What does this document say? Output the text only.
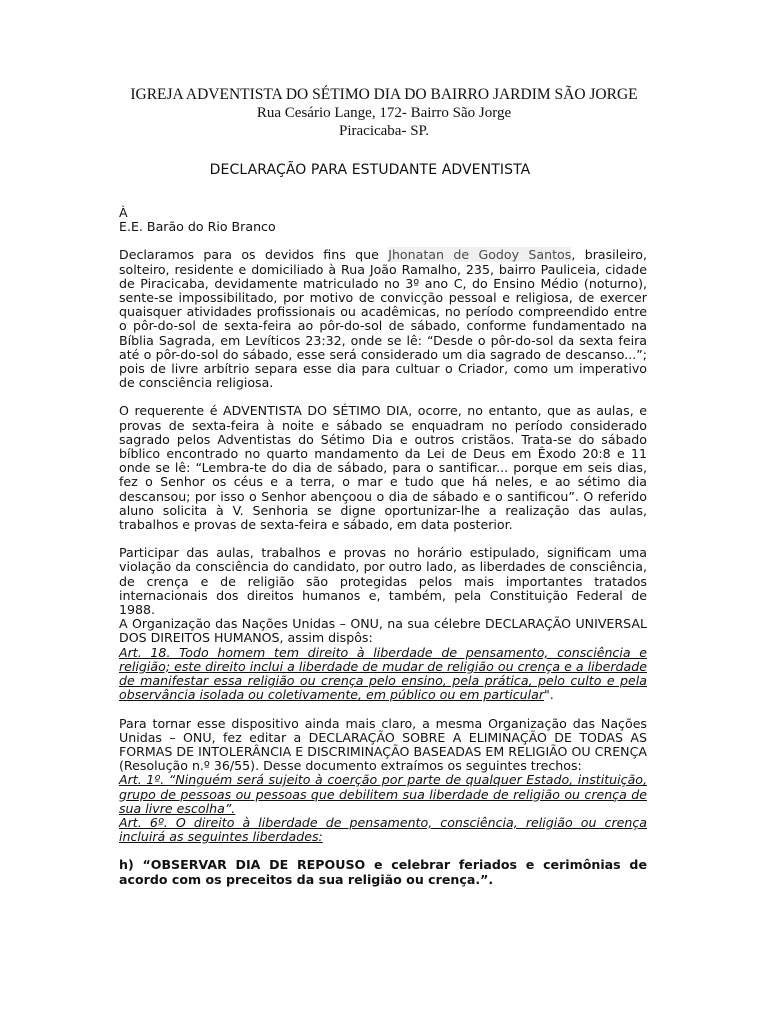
IGREJA ADVENTISTA DO SÉTIMO DIA DO BAIRRO JARDIM SÃO JORGE
Rua Cesário Lange, 172- Bairro São Jorge
Piracicaba- SP.
DECLARAÇÃO PARA ESTUDANTE ADVENTISTA

À

E.E. Barão do Rio Branco

Declaramos para os devidos fins que Jhonatan de Godoy Santos, brasileiro, solteiro, residente e domiciliado à Rua João Ramalho, 235, bairro Pauliceia, cidade de Piracicaba, devidamente matriculado no 3º ano C, do Ensino Médio (noturno), sente-se impossibilitado, por motivo de convicção pessoal e religiosa, de exercer quaisquer atividades profissionais ou acadêmicas, no período compreendido entre o pôr-do-sol de sexta-feira ao pôr-do-sol de sábado, conforme fundamentado na Bíblia Sagrada, em Levíticos 23:32, onde se lê: “Desde o pôr-do-sol da sexta feira até o pôr-do-sol do sábado, esse será considerado um dia sagrado de descanso...”; pois de livre arbítrio separa esse dia para cultuar o Criador, como um imperativo de consciência religiosa.

O requerente é ADVENTISTA DO SÉTIMO DIA, ocorre, no entanto, que as aulas, e provas de sexta-feira à noite e sábado se enquadram no período considerado sagrado pelos Adventistas do Sétimo Dia e outros cristãos. Trata-se do sábado bíblico encontrado no quarto mandamento da Lei de Deus em Êxodo 20:8 e 11 onde se lê: “Lembra-te do dia de sábado, para o santificar... porque em seis dias, fez o Senhor os céus e a terra, o mar e tudo que há neles, e ao sétimo dia descansou; por isso o Senhor abençoou o dia de sábado e o santificou”. O referido aluno solicita à V. Senhoria se digne oportunizar-lhe a realização das aulas, trabalhos e provas de sexta-feira e sábado, em data posterior.

Participar das aulas, trabalhos e provas no horário estipulado, significam uma violação da consciência do candidato, por outro lado, as liberdades de consciência, de crença e de religião são protegidas pelos mais importantes tratados internacionais dos direitos humanos e, também, pela Constituição Federal de 1988.

A Organização das Nações Unidas – ONU, na sua célebre DECLARAÇÃO UNIVERSAL DOS DIREITOS HUMANOS, assim dispôs:

Art. 18. Todo homem tem direito à liberdade de pensamento, consciência e religião; este direito inclui a liberdade de mudar de religião ou crença e a liberdade de manifestar essa religião ou crença pelo ensino, pela prática, pelo culto e pela observância isolada ou coletivamente, em público ou em particular".

Para tornar esse dispositivo ainda mais claro, a mesma Organização das Nações Unidas – ONU, fez editar a DECLARAÇÃO SOBRE A ELIMINAÇÃO DE TODAS AS FORMAS DE INTOLERÂNCIA E DISCRIMINAÇÃO BASEADAS EM RELIGIÃO OU CRENÇA (Resolução n.º 36/55). Desse documento extraímos os seguintes trechos:

Art. 1º. “Ninguém será sujeito à coerção por parte de qualquer Estado, instituição, grupo de pessoas ou pessoas que debilitem sua liberdade de religião ou crença de sua livre escolha”.

Art. 6º. O direito à liberdade de pensamento, consciência, religião ou crença incluirá as seguintes liberdades:

h) “OBSERVAR DIA DE REPOUSO e celebrar feriados e cerimônias de acordo com os preceitos da sua religião ou crença.”.
